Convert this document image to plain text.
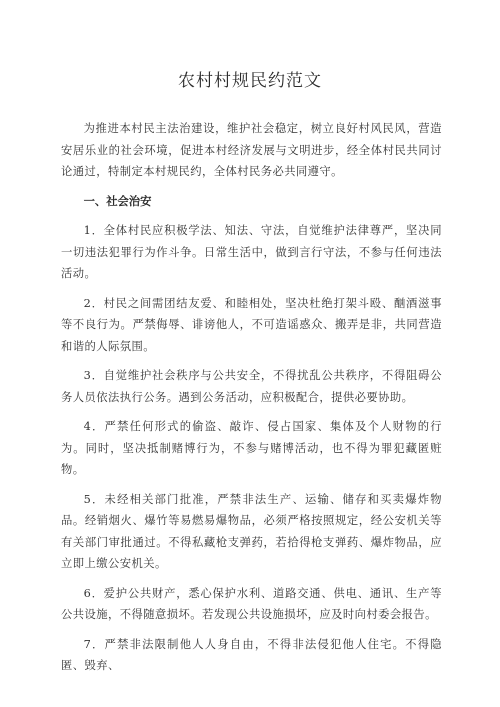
农村村规民约范文

为推进本村民主法治建设，维护社会稳定，树立良好村风民风，营造安居乐业的社会环境，促进本村经济发展与文明进步，经全体村民共同讨论通过，特制定本村规民约，全体村民务必共同遵守。

一、社会治安

1．全体村民应积极学法、知法、守法，自觉维护法律尊严，坚决同一切违法犯罪行为作斗争。日常生活中，做到言行守法，不参与任何违法活动。

2．村民之间需团结友爱、和睦相处，坚决杜绝打架斗殴、酗酒滋事等不良行为。严禁侮辱、诽谤他人，不可造谣惑众、搬弄是非，共同营造和谐的人际氛围。

3．自觉维护社会秩序与公共安全，不得扰乱公共秩序，不得阻碍公务人员依法执行公务。遇到公务活动，应积极配合，提供必要协助。

4．严禁任何形式的偷盗、敲诈、侵占国家、集体及个人财物的行为。同时，坚决抵制赌博行为，不参与赌博活动，也不得为罪犯藏匿赃物。

5．未经相关部门批准，严禁非法生产、运输、储存和买卖爆炸物品。经销烟火、爆竹等易燃易爆物品，必须严格按照规定，经公安机关等有关部门审批通过。不得私藏枪支弹药，若拾得枪支弹药、爆炸物品，应立即上缴公安机关。

6．爱护公共财产，悉心保护水利、道路交通、供电、通讯、生产等公共设施，不得随意损坏。若发现公共设施损坏，应及时向村委会报告。

7．严禁非法限制他人人身自由，不得非法侵犯他人住宅。不得隐匿、毁弃、
